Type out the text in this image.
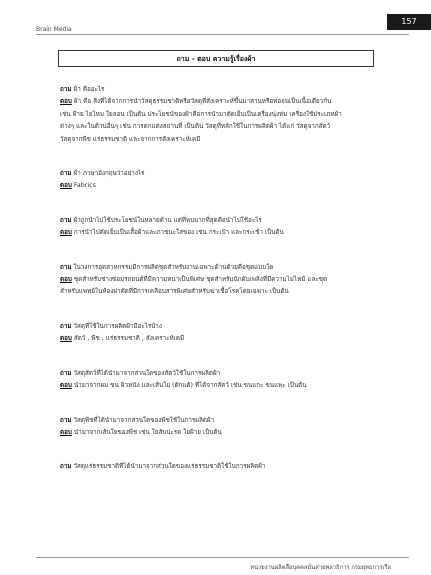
Brain Media
157
ถาม - ตอบ ความรู้เรื่องผ้า

ถาม ผ้า คืออะไร

ตอบ ผ้า คือ สิ่งที่ได้จากการนำวัสดุธรรมชาติหรือวัสดุที่สังเคราะห์ขึ้นมาสานหรือทอจนเป็นเนื้อเดียวกัน
เช่น ฝ้าย ไยไหม ใยลอน เป็นต้น ประโยชน์ของผ้าคือการนำมาตัดเย็บเป็นเครื่องนุ่งห่ม เครื่องใช้ประเภทผ้า
ต่างๆ และในด้านอื่นๆ เช่น การตกแต่งสถานที่ เป็นต้น วัสดุที่หลักใช้ในการผลิตผ้า ได้แก่ วัสดุจากสัตว์
วัสดุจากพืช แร่ธรรมชาติ และจากการสังเคราะห์เคมี

ถาม ผ้า ภาษาอังกฤษว่าอย่างไร

ตอบ Fabrics

ถาม ผ้าถูกนำไปใช้ประโยชน์ในหลายด้าน แต่ที่พบมากที่สุดคือนำไปใช้อะไร

ตอบ การนำไปตัดเย็บเป็นเสื้อผ้าและภาชนะใส่ของ เช่น กระเป๋า และกระเช้า เป็นต้น

ถาม ในวงการอุตสาหกรรมมีการผลิตชุดสำหรับงานเฉพาะด้านด้วยคือชุดแบบใด

ตอบ ชุดสำหรับช่างซ่อมรถยนต์ที่มีความหนาเป็นพิเศษ ชุดสำหรับนักดับเพลิงที่มีความไม่ไหม้ และชุด
สำหรับแพทย์ในห้องผ่าตัดที่มีการเคลือบสารพิเศษสำหรับฆ่าเชื้อโรคโดยเฉพาะ เป็นต้น

ถาม วัสดุที่ใช้ในการผลิตผ้ามีอะไรบ้าง

ตอบ สัตว์ , พืช , แร่ธรรมชาติ , สังเคราะห์เคมี

ถาม วัสดุสัตว์ที่ได้นำมาจากส่วนใดของสัตว์ใช้ในการผลิตผ้า

ตอบ นำมาจากผม ขน ผิวหนัง และเส้นใย (ดักแด้) ที่ได้จากสัตว์ เช่น ขนแกะ ขนแพะ เป็นต้น

ถาม วัสดุพืชที่ได้นำมาจากส่วนใดของพืชใช้ในการผลิตผ้า

ตอบ นำมาจากเส้นใยของพืช เช่น ใยสับปะรด ใยฝ้าย เป็นต้น

ถาม วัสดุแร่ธรรมชาติที่ได้นำมาจากส่วนใดของแร่ธรรมชาติใช้ในการผลิตผ้า

หน่วยงานผลิตสื่อบุคคลมั่นส่ายพลาธิการ กรมยุทธการเรือ
